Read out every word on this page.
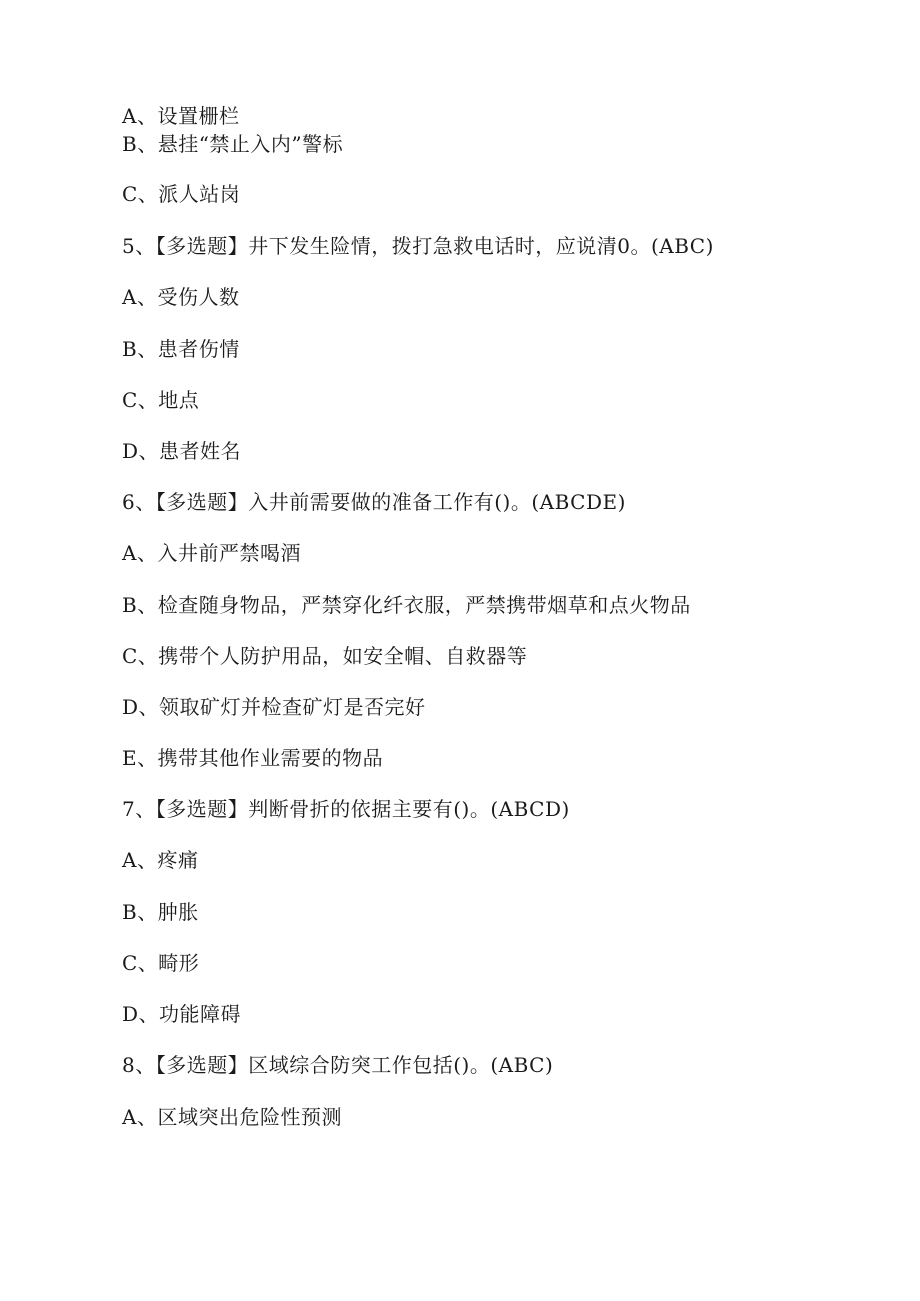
A、设置栅栏
B、悬挂“禁止入内”警标
C、派人站岗
5、【多选题】井下发生险情，拨打急救电话时，应说清0。(ABC)
A、受伤人数
B、患者伤情
C、地点
D、患者姓名
6、【多选题】入井前需要做的准备工作有()。(ABCDE)
A、入井前严禁喝酒
B、检查随身物品，严禁穿化纤衣服，严禁携带烟草和点火物品
C、携带个人防护用品，如安全帽、自救器等
D、领取矿灯并检查矿灯是否完好
E、携带其他作业需要的物品
7、【多选题】判断骨折的依据主要有()。(ABCD)
A、疼痛
B、肿胀
C、畸形
D、功能障碍
8、【多选题】区域综合防突工作包括()。(ABC)
A、区域突出危险性预测
